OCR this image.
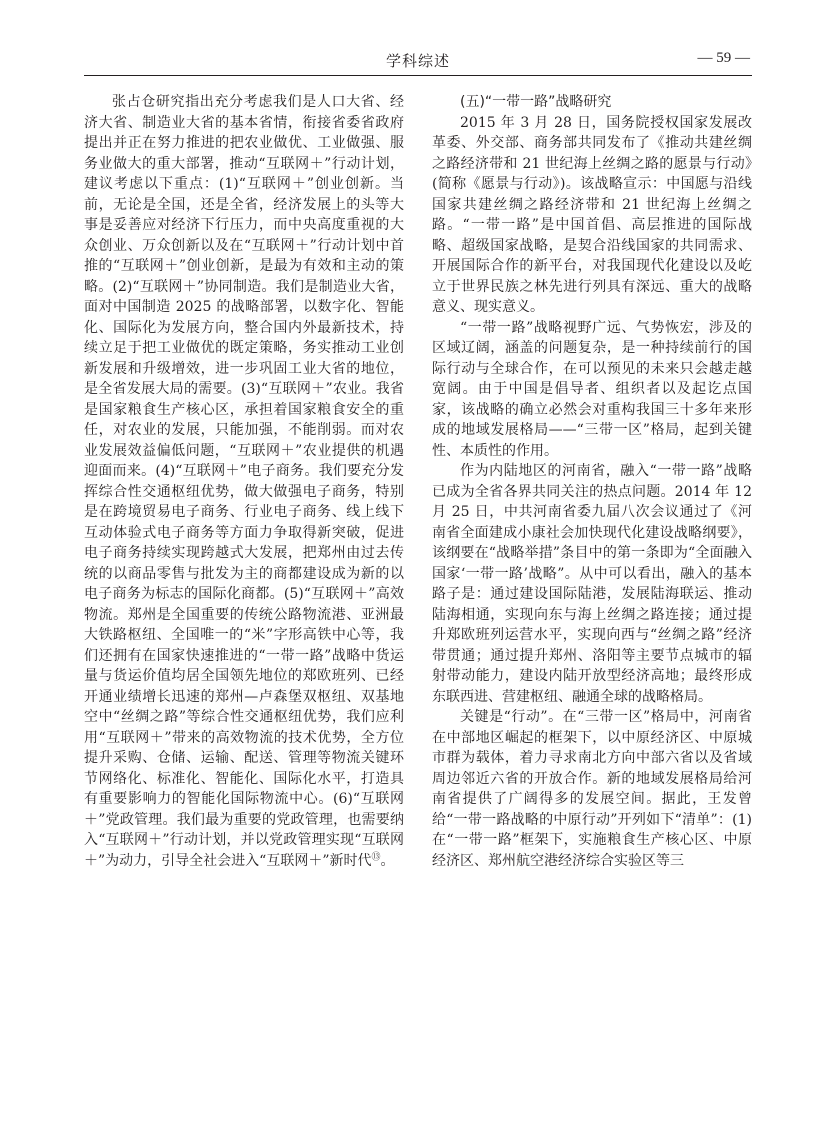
学科综述	— 59 —

张占仓研究指出充分考虑我们是人口大省、经济大省、制造业大省的基本省情，衔接省委省政府提出并正在努力推进的把农业做优、工业做强、服务业做大的重大部署，推动“互联网＋”行动计划，建议考虑以下重点：(1)“互联网＋”创业创新。当前，无论是全国，还是全省，经济发展上的头等大事是妥善应对经济下行压力，而中央高度重视的大众创业、万众创新以及在“互联网＋”行动计划中首推的“互联网＋”创业创新，是最为有效和主动的策略。(2)“互联网＋”协同制造。我们是制造业大省，面对中国制造 2025 的战略部署，以数字化、智能化、国际化为发展方向，整合国内外最新技术，持续立足于把工业做优的既定策略，务实推动工业创新发展和升级增效，进一步巩固工业大省的地位，是全省发展大局的需要。(3)“互联网＋”农业。我省是国家粮食生产核心区，承担着国家粮食安全的重任，对农业的发展，只能加强，不能削弱。而对农业发展效益偏低问题，“互联网＋”农业提供的机遇迎面而来。(4)“互联网＋”电子商务。我们要充分发挥综合性交通枢纽优势，做大做强电子商务，特别是在跨境贸易电子商务、行业电子商务、线上线下互动体验式电子商务等方面力争取得新突破，促进电子商务持续实现跨越式大发展，把郑州由过去传统的以商品零售与批发为主的商都建设成为新的以电子商务为标志的国际化商都。(5)“互联网＋”高效物流。郑州是全国重要的传统公路物流港、亚洲最大铁路枢纽、全国唯一的“米”字形高铁中心等，我们还拥有在国家快速推进的“一带一路”战略中货运量与货运价值均居全国领先地位的郑欧班列、已经开通业绩增长迅速的郑州—卢森堡双枢纽、双基地空中“丝绸之路”等综合性交通枢纽优势，我们应利用“互联网＋”带来的高效物流的技术优势，全方位提升采购、仓储、运输、配送、管理等物流关键环节网络化、标准化、智能化、国际化水平，打造具有重要影响力的智能化国际物流中心。(6)“互联网＋”党政管理。我们最为重要的党政管理，也需要纳入“互联网＋”行动计划，并以党政管理实现“互联网＋”为动力，引导全社会进入“互联网＋”新时代⑬。

(五)“一带一路”战略研究

2015 年 3 月 28 日，国务院授权国家发展改革委、外交部、商务部共同发布了《推动共建丝绸之路经济带和 21 世纪海上丝绸之路的愿景与行动》(简称《愿景与行动》)。该战略宣示：中国愿与沿线国家共建丝绸之路经济带和 21 世纪海上丝绸之路。“一带一路”是中国首倡、高层推进的国际战略、超级国家战略，是契合沿线国家的共同需求、开展国际合作的新平台，对我国现代化建设以及屹立于世界民族之林先进行列具有深远、重大的战略意义、现实意义。

“一带一路”战略视野广远、气势恢宏，涉及的区域辽阔，涵盖的问题复杂，是一种持续前行的国际行动与全球合作，在可以预见的未来只会越走越宽阔。由于中国是倡导者、组织者以及起讫点国家，该战略的确立必然会对重构我国三十多年来形成的地域发展格局——“三带一区”格局，起到关键性、本质性的作用。

作为内陆地区的河南省，融入“一带一路”战略已成为全省各界共同关注的热点问题。2014 年 12 月 25 日，中共河南省委九届八次会议通过了《河南省全面建成小康社会加快现代化建设战略纲要》，该纲要在“战略举措”条目中的第一条即为“全面融入国家‘一带一路’战略”。从中可以看出，融入的基本路子是：通过建设国际陆港，发展陆海联运、推动陆海相通，实现向东与海上丝绸之路连接；通过提升郑欧班列运营水平，实现向西与“丝绸之路”经济带贯通；通过提升郑州、洛阳等主要节点城市的辐射带动能力，建设内陆开放型经济高地；最终形成东联西进、营建枢纽、融通全球的战略格局。

关键是“行动”。在“三带一区”格局中，河南省在中部地区崛起的框架下，以中原经济区、中原城市群为载体，着力寻求南北方向中部六省以及省域周边邻近六省的开放合作。新的地域发展格局给河南省提供了广阔得多的发展空间。据此，王发曾给“一带一路战略的中原行动”开列如下“清单”：(1)在“一带一路”框架下，实施粮食生产核心区、中原经济区、郑州航空港经济综合实验区等三
